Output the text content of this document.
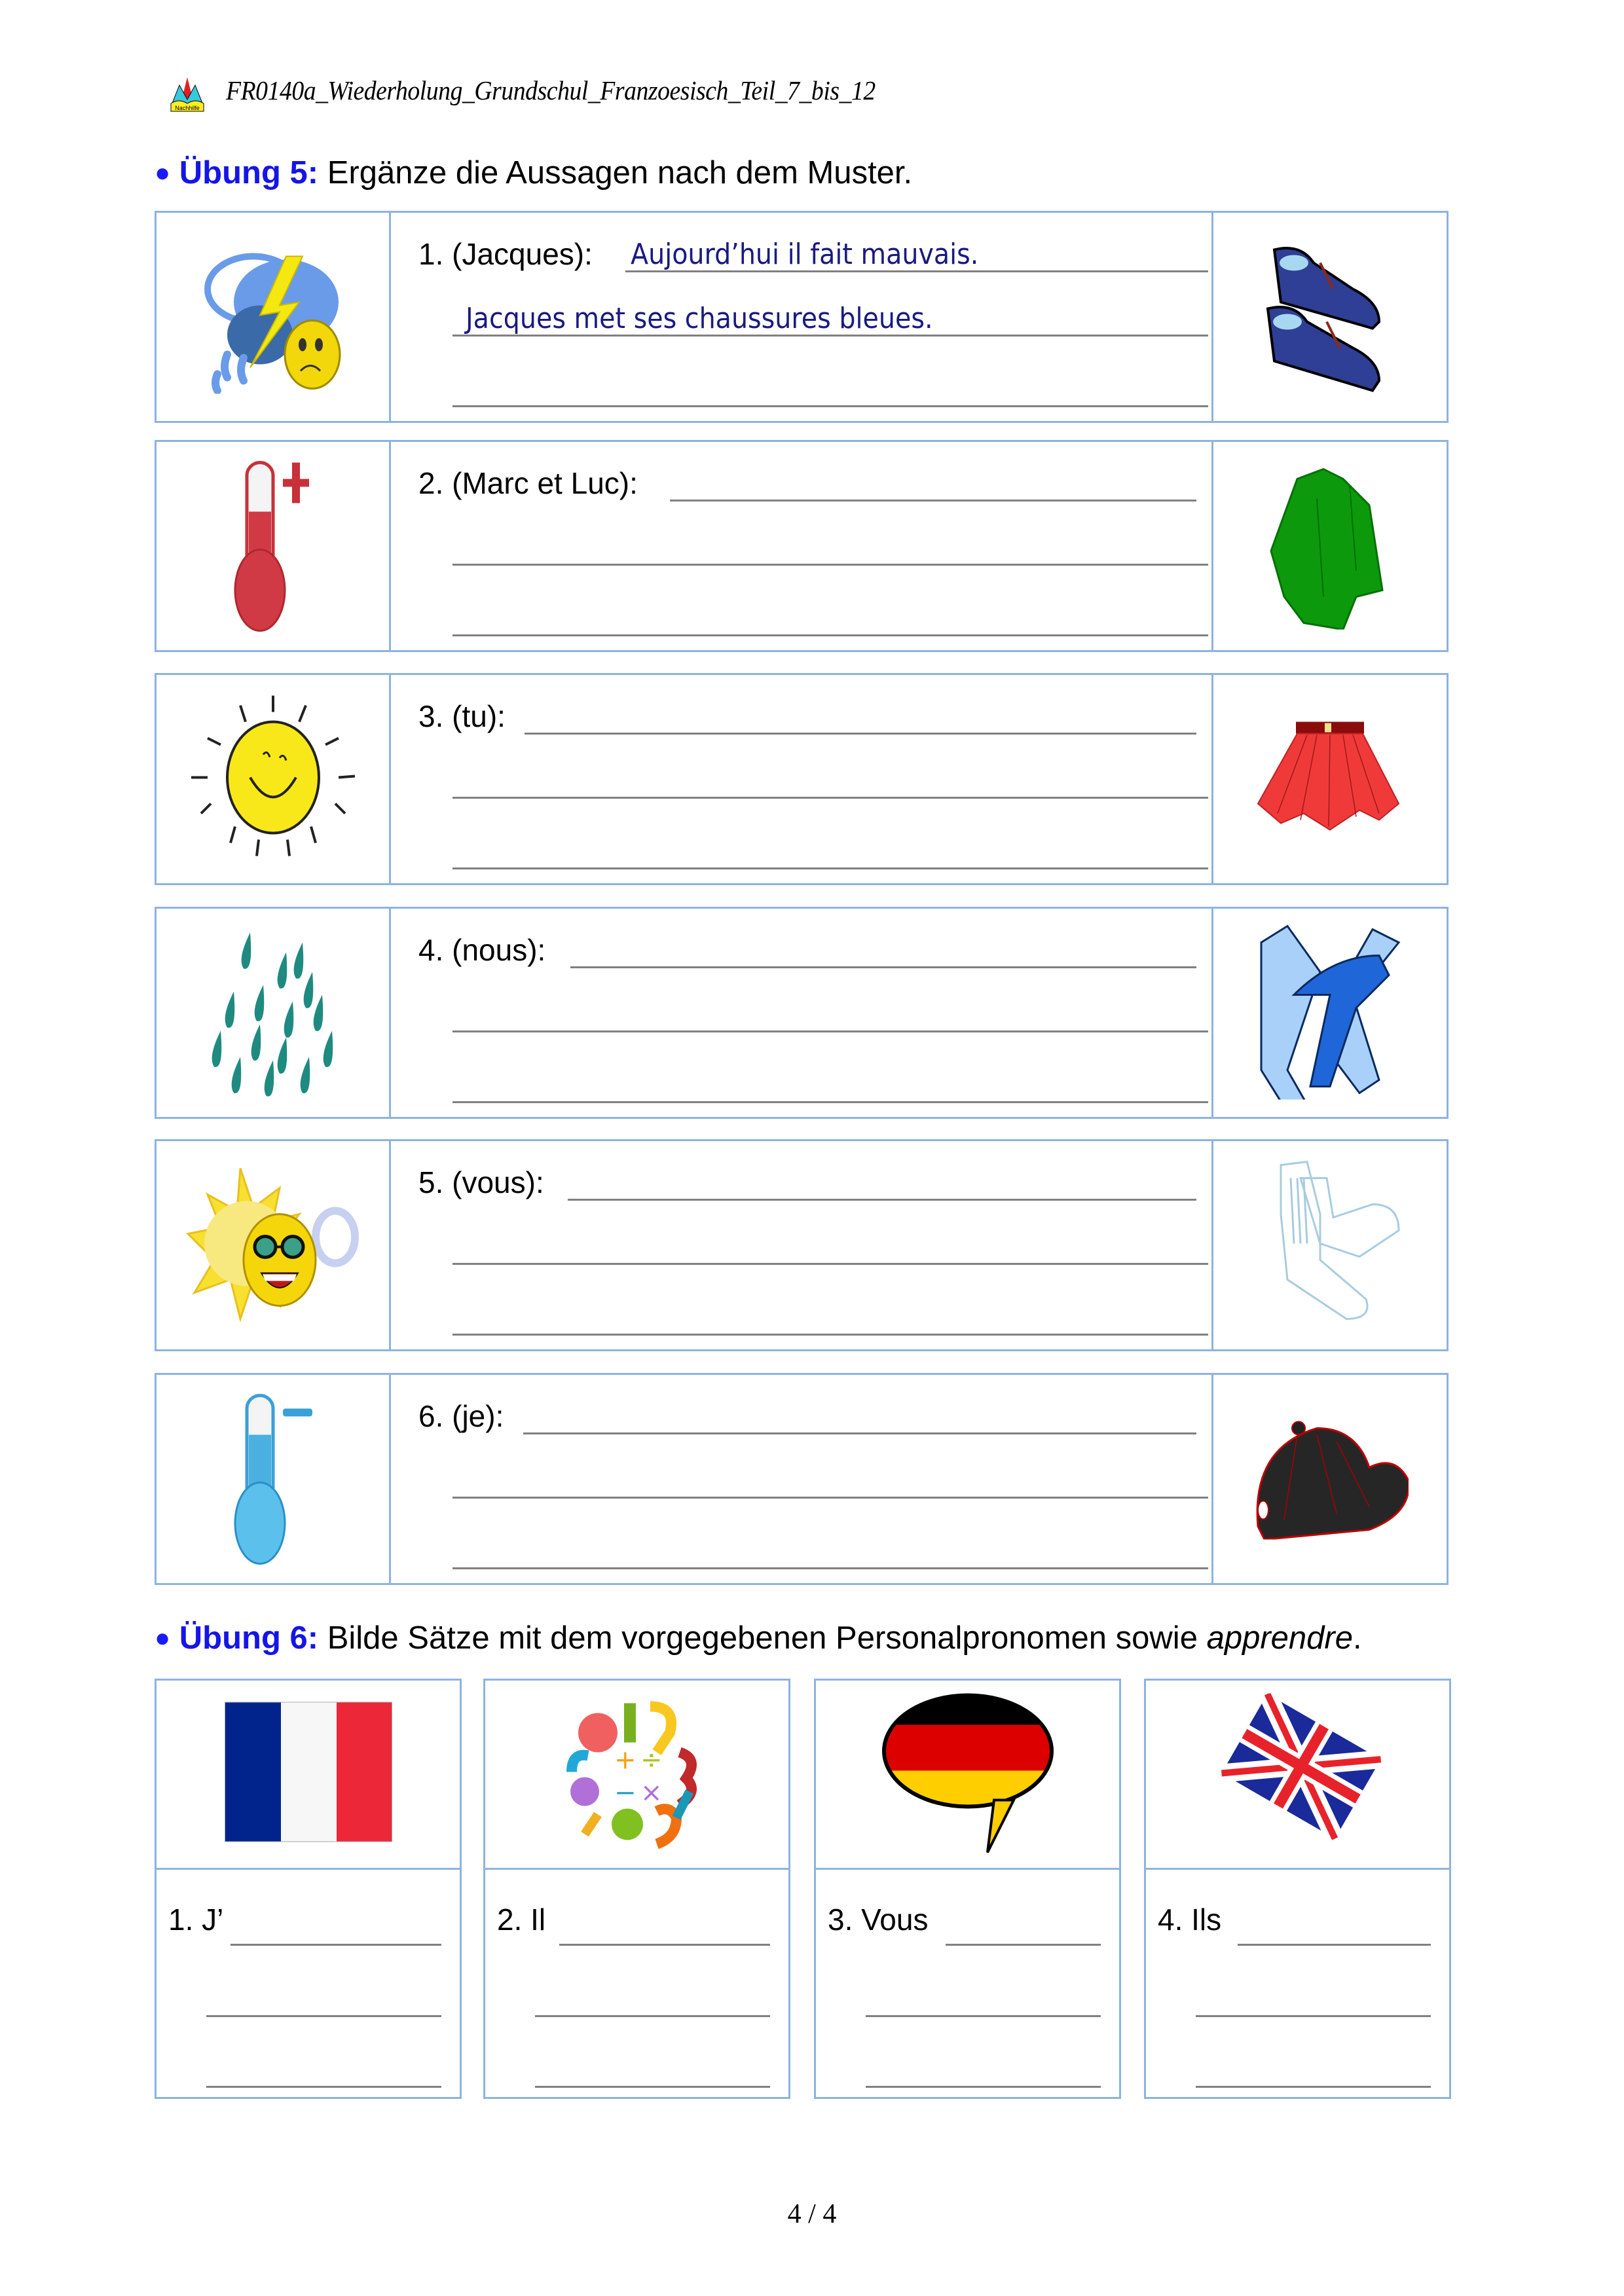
Nachhilfe
FR0140a_Wiederholung_Grundschul_Franzoesisch_Teil_7_bis_12
● Übung 5: Ergänze die Aussagen nach dem Muster.
1. (Jacques): Aujourd’hui il fait mauvais.
Jacques met ses chaussures bleues.
2. (Marc et Luc):
3. (tu):
4. (nous):
5. (vous):
6. (je):
● Übung 6: Bilde Sätze mit dem vorgegebenen Personalpronomen sowie apprendre.
1. J’
+ ÷
− ×
2. Il	3. Vous	4. Ils
4 / 4
